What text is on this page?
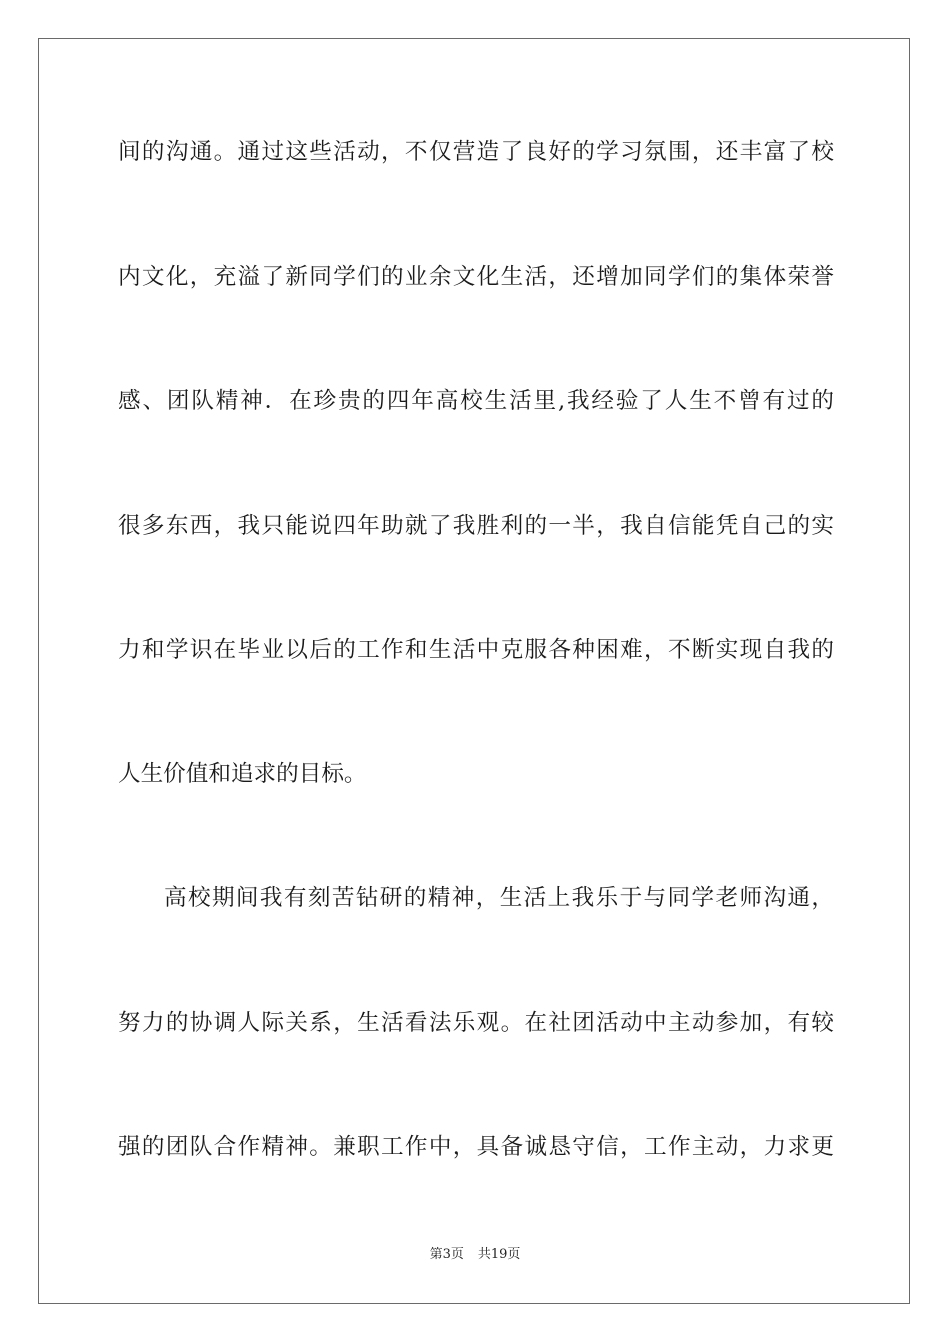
间的沟通。通过这些活动，不仅营造了良好的学习氛围，还丰富了校
内文化，充溢了新同学们的业余文化生活，还增加同学们的集体荣誉
感、团队精神．在珍贵的四年高校生活里,我经验了人生不曾有过的
很多东西，我只能说四年助就了我胜利的一半，我自信能凭自己的实
力和学识在毕业以后的工作和生活中克服各种困难，不断实现自我的
人生价值和追求的目标。
高校期间我有刻苦钻研的精神，生活上我乐于与同学老师沟通，
努力的协调人际关系，生活看法乐观。在社团活动中主动参加，有较
强的团队合作精神。兼职工作中，具备诚恳守信，工作主动，力求更
第3页 共19页
